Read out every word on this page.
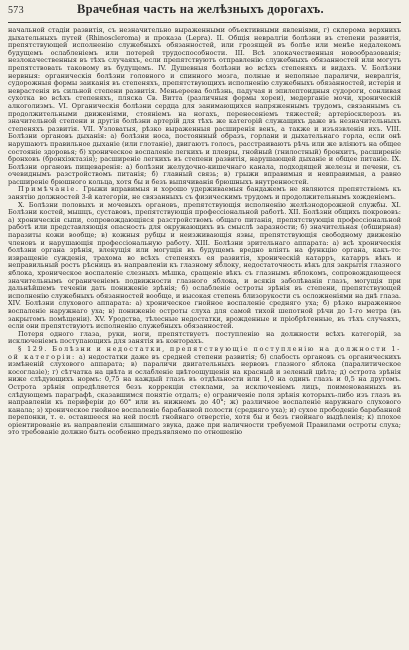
573	Врачебная часть на желѣзныхъ дорогахъ.

начальной стадіи развитія, съ незначительно выраженными объективными явленіями, г) склерома верхнихъ дыхательныхъ путей (Rhinoscleroma) и проказа (Lepra). II. Общія невралгіи болѣзни въ степени развитія, препятствующей исполненію служебныхъ обязанностей, или грозящей въ болѣе или менѣе недалекомъ будущемъ ослабленіемъ или потерей трудоспособности. III. Всѣ злокачественныя новообразованія; незлокачественныя въ тѣхъ случаяхъ, если препятствуютъ отправленію служебныхъ обязанностей или могутъ препятствовать таковому въ будущемъ. IV. Душевныя болѣзни во всѣхъ степеняхъ и видахъ. V. Болѣзни нервныя: органическія болѣзни головного и спинного мозга, полные и неполные параличи, невралгія, судорожныя формы заиканія въ степеняхъ, препятствующихъ исполненію служебныхъ обязанностей, истерія и неврастенія въ сильной степени развитія. Меньереева болѣзнь, падучая и эпилептоидныя судороги, сонливая сухотка во всѣхъ степеняхъ, пляска Св. Витта (различныя формы хореи), медерганіе мочи, хроническій алкоголизмъ. VI. Органическія болѣзни сердца для занимающихся напряженнымъ трудомъ, связаннымъ съ продолжительными движеніями, стояніемъ на ногахъ, перенесеніемъ тяжестей; артеріосклерозъ въ значительной степени и другія болѣзни артерій для тѣхъ же категорій служащихъ даже въ незначительныхъ степеняхъ развитія. VII. Узловатыя, рѣзко выраженныя расширенія венъ, а также и изъязвленія ихъ. VIII. Болѣзни органовъ дыханія: а) болѣзни носа, постоянный образъ, горлани и дыхательнаго горла, если онѣ нарушаютъ правильное дыханіе (или глотаніе), двигаютъ голосъ, расстраиваютъ рѣчь или же вліяютъ на общее состояніе здоровья; б) хроническое воспаленіе легкихъ и плевры, гнойный (гнилостный) бронхитъ, расширеніе бронховъ (бронхіэктазія); расширеніе легкихъ въ степени развитія, нарушающей дыханіе и общее питаніе. IX. Болѣзни органовъ пищеваренія: а) болѣзни желудочно-кишечнаго канала, подходящей железы и печени, съ очевиднымъ разстройствомъ питанія; б) главный связь; в) грыжи вправимыя и невправимыя, а равно расширеніе брюшного кольца, хотя бы и безъ выпячиванія брюшныхъ внутренностей.

Примѣчаніе. Грыжи вправимыя и хорошо удерживаемыя бандажемъ не являются препятствіемъ къ занятію должностей 3-й категоріи, не связанныхъ съ физическимъ трудомъ и продолжительнымъ хожденіемъ.

X. Болѣзни половыхъ и мочевыхъ органовъ, препятствующія исполненію желѣзнодорожной службы. XI. Болѣзни костей, мышцъ, суставовъ, препятствующія профессіональной работѣ. XII. Болѣзни общихъ покрововъ: а) хроническія сыпи, сопровождающіяся разстройствомъ общаго питанія, препятствующія профессіональной работѣ или представляющія опасность для окружающихъ въ смыслѣ заразности; б) значительная (обширная) паразиты кожи вообще; в) кожныя рубцы и неизживающія язвы, препятствующія свободному движенію членовъ и нарушающія профессіональную работу. XIII. Болѣзни зрительнаго аппарата: а) всѣ хроническія болѣзни органа зрѣнія, влекущія или могущія въ будущемъ вредно вліять на функцію органа, какъ-то: извращеніе сужденія, трахома во всѣхъ степеняхъ ея развитія, хроническій катарръ, катарръ вѣкъ и неправильный ростъ рѣсницъ въ направленіи къ глазному яблоку, недостаточность вѣкъ для закрытія глазного яблока, хроническое воспаленіе слезныхъ мѣшка, сращеніе вѣкъ съ глазнымъ яблокомъ, сопровождающееся значительнымъ ограниченіемъ подвижности глазного яблока, и всякія заболѣванія глазъ, могущія при дальнѣйшемъ теченіи дать пониженіе зрѣнія; б) ослабленіе остроты зрѣнія въ степени, препятствующей исполненію служебныхъ обязанностей вообще, и высокая степень близорукости съ осложненіями на днѣ глаза. XIV. Болѣзни слухового аппарата: а) хроническое гнойное воспаленіе средняго уха; б) рѣзко выраженное воспаленіе наружнаго уха; в) пониженіе остроты слуха для самой тихой шепотной рѣчи до 1-го метра (въ закрытомъ помѣщеніи). XV. Уродства, тѣлесные недостатки, врожденные и пріобрѣтенные, въ тѣхъ случаяхъ, если они препятствуютъ исполненію служебныхъ обязанностей.

Потеря одного глаза, руки, ноги, препятствуетъ поступленію на должности всѣхъ категорій, за исключеніемъ поступающихъ для занятія въ конторахъ.

§ 129. Болѣзни и недостатки, препятствующіе поступленію на должности 1-ой категоріи: а) недостатки даже въ средней степени развитія; б) слабость органовъ съ органическихъ измѣненій слухового аппарата; в) параличи двигательныхъ нервовъ глазного яблока (паралитическое косоглазіе); г) сѣтчатка на цвѣта и ослабленіе цвѣтоощущенія на красный и зеленый цвѣта; д) острота зрѣнія ниже слѣдующихъ нормъ: 0,75 на каждый глазъ въ отдѣльности или 1,0 на одинъ глазъ и 0,5 на другомъ. Острота зрѣнія опредѣляется безъ коррекціи стеклами, за исключеніемъ лицъ, поименованныхъ въ слѣдующемъ параграфѣ, сказавшимся понятіе отдалъ; е) ограниченіе поля зрѣнія которыхъ-либо изъ глазъ въ направленіи къ периферіи до 60° или въ нижнемъ до 40°; ж) различное воспаленіе наружнаго слухового канала; з) хроническое гнойное воспаленіе барабанной полости (средняго уха); и) сухое прободеніе барабанной перепонки, т. е. оставшееся на ней послѣ гнойнаго отверстіе, хотя бы и безъ гнойнаго выдѣленія; к) плохое оріентированіе въ направленіи слышимаго звука, даже при наличности требуемой Правилами остроты слуха; это требованіе должно быть особенно предъявляемо по отношенію
